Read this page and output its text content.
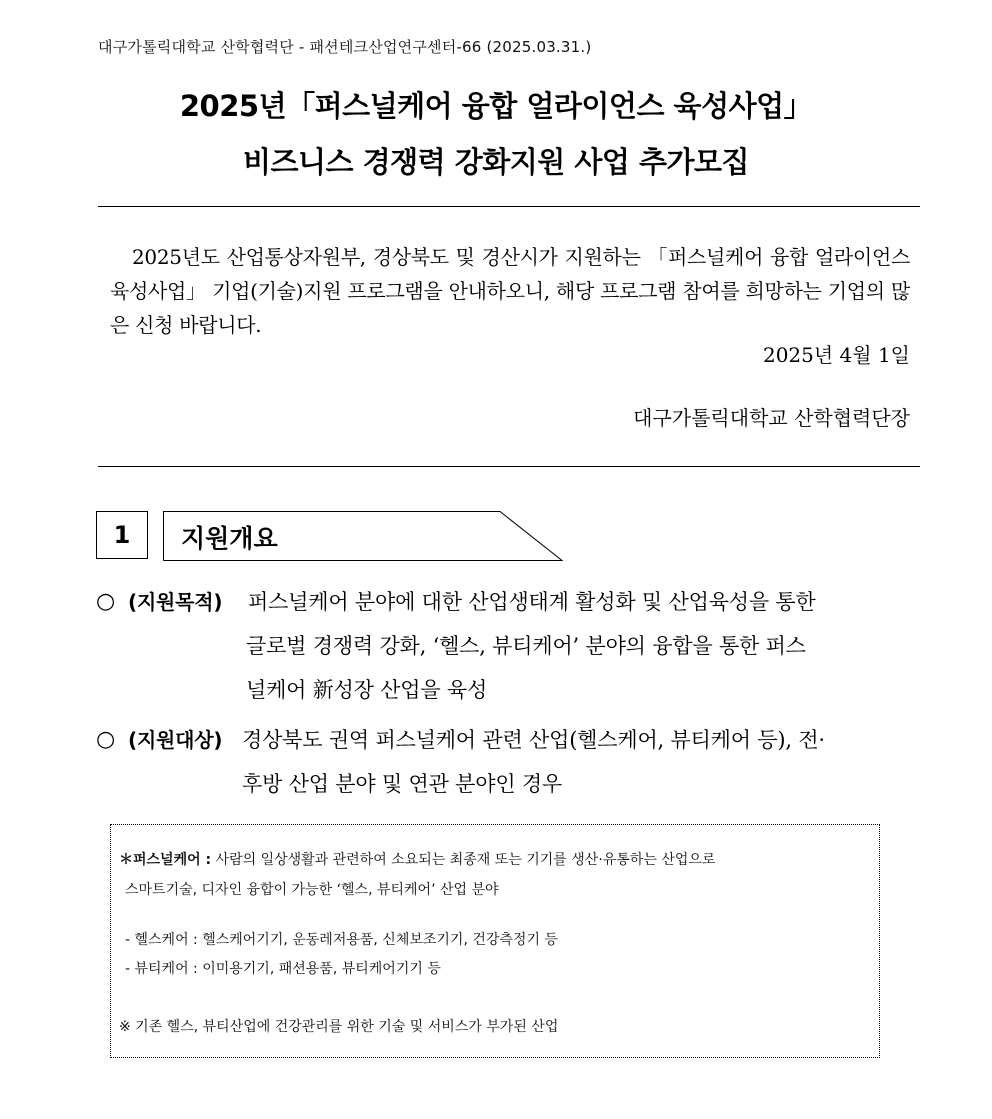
대구가톨릭대학교 산학협력단 - 패션테크산업연구센터-66 (2025.03.31.)
2025년「퍼스널케어 융합 얼라이언스 육성사업」
비즈니스 경쟁력 강화지원 사업 추가모집
2025년도 산업통상자원부, 경상북도 및 경산시가 지원하는 「퍼스널케어 융합 얼라이언스 육성사업」 기업(기술)지원 프로그램을 안내하오니, 해당 프로그램 참여를 희망하는 기업의 많은 신청 바랍니다.
2025년 4월 1일
대구가톨릭대학교 산학협력단장
1	지원개요
○ (지원목적) 퍼스널케어 분야에 대한 산업생태계 활성화 및 산업육성을 통한
글로벌 경쟁력 강화, ‘헬스, 뷰티케어’ 분야의 융합을 통한 퍼스
널케어 新성장 산업을 육성
○ (지원대상) 경상북도 권역 퍼스널케어 관련 산업(헬스케어, 뷰티케어 등), 전·
후방 산업 분야 및 연관 분야인 경우
＊퍼스널케어 : 사람의 일상생활과 관련하여 소요되는 최종재 또는 기기를 생산·유통하는 산업으로
스마트기술, 디자인 융합이 가능한 ‘헬스, 뷰티케어’ 산업 분야
- 헬스케어 : 헬스케어기기, 운동레저용품, 신체보조기기, 건강측정기 등
- 뷰티케어 : 이미용기기, 패션용품, 뷰티케어기기 등
※ 기존 헬스, 뷰티산업에 건강관리를 위한 기술 및 서비스가 부가된 산업
